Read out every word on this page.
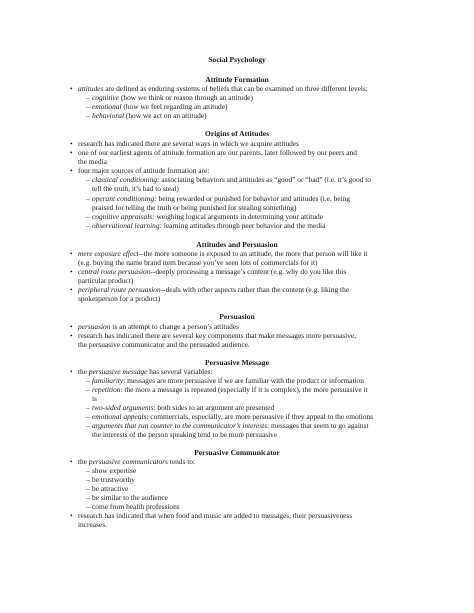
Social Psychology
Attitude Formation
• attitudes are defined as enduring systems of beliefs that can be examined on three different levels:
– cognitive (how we think or reason through an attitude)
– emotional (how we feel regarding an attitude)
– behavioral (how we act on an attitude)
Origins of Attitudes
• research has indicated there are several ways in which we acquire attitudes
• one of our earliest agents of attitude formation are our parents, later followed by our peers and
the media
• four major sources of attitude formation are:
– classical conditioning: associating behaviors and attitudes as “good” or “bad” (i.e. it’s good to
tell the truth, it’s bad to steal)
– operant conditioning: being rewarded or punished for behavior and attitudes (i.e. being
praised for telling the truth or being punished for stealing something)
– cognitive appraisals: weighing logical arguments in determining your attitude
– observational learning: learning attitudes through peer behavior and the media
Attitudes and Persuasion
• mere exposure effect--the more someone is exposed to an attitude, the more that person will like it
(e.g. buying the name brand item because you’ve seen lots of commercials for it)
• central route persuasion--deeply processing a message’s content (e.g. why do you like this
particular product)
• peripheral route persuasion--deals with other aspects rather than the content (e.g. liking the
spokesperson for a product)
Persuasion
• persuasion is an attempt to change a person’s attitudes
• research has indicated there are several key components that make messages more persuasive,
the persuasive communicator and the persuaded audience.
Persuasive Message
• the persuasive message has several variables:
– familiarity: messages are more persuasive if we are familiar with the product or information
– repetition: the more a message is repeated (especially if it is complex), the more persuasive it
is
– two-sided arguments: both sides to an argument are presented
– emotional appeals: commercials, especially, are more persuasive if they appeal to the emotions
– arguments that run counter to the communicator’s interests: messages that seem to go against
the interests of the person speaking tend to be more persuasive
Persuasive Communicator
• the persuasive communicators tends to:
– show expertise
– be trustworthy
– be attractive
– be similar to the audience
– come from health professions
• research has indicated that when food and music are added to messages, their persuasiveness
increases.
